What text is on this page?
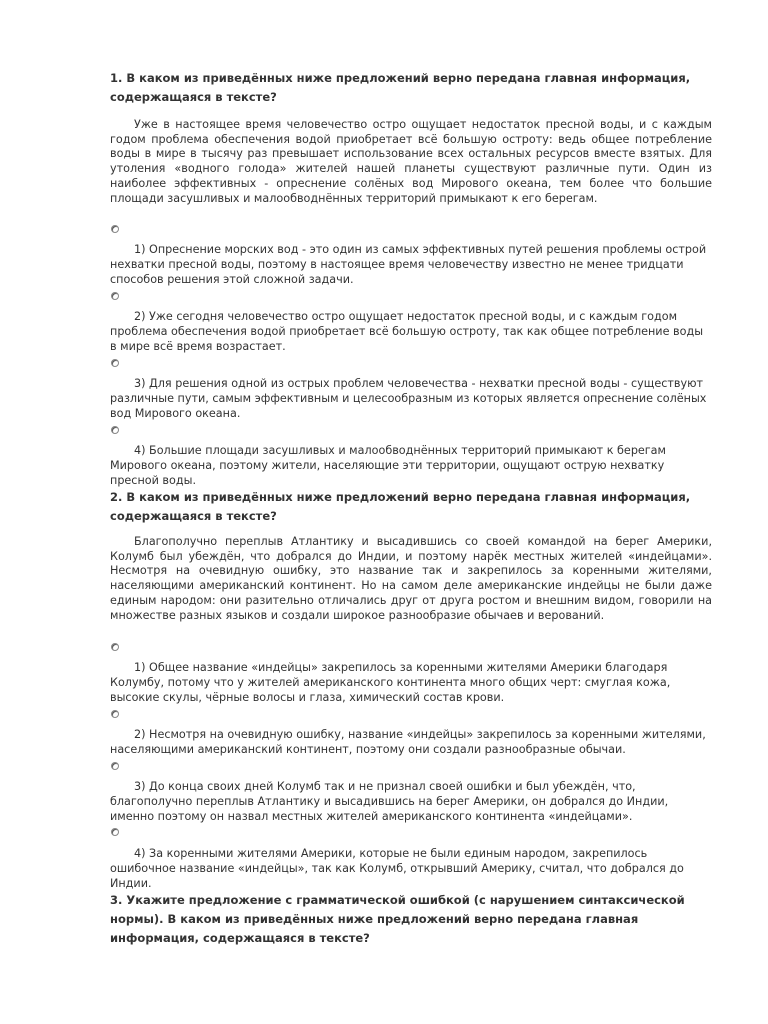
1. В каком из приведённых ниже предложений верно передана главная информация, содержащаяся в тексте?
Уже в настоящее время человечество остро ощущает недостаток пресной воды, и с каждым годом проблема обеспечения водой приобретает всё большую остроту: ведь общее потребление воды в мире в тысячу раз превышает использование всех остальных ресурсов вместе взятых. Для утоления «водного голода» жителей нашей планеты существуют различные пути. Один из наиболее эффективных - опреснение солёных вод Мирового океана, тем более что большие площади засушливых и малообводнённых территорий примыкают к его берегам.
1) Опреснение морских вод - это один из самых эффективных путей решения проблемы острой нехватки пресной воды, поэтому в настоящее время человечеству известно не менее тридцати способов решения этой сложной задачи.
2) Уже сегодня человечество остро ощущает недостаток пресной воды, и с каждым годом проблема обеспечения водой приобретает всё большую остроту, так как общее потребление воды в мире всё время возрастает.
3) Для решения одной из острых проблем человечества - нехватки пресной воды - существуют различные пути, самым эффективным и целесообразным из которых является опреснение солёных вод Мирового океана.
4) Большие площади засушливых и малообводнённых территорий примыкают к берегам Мирового океана, поэтому жители, населяющие эти территории, ощущают острую нехватку пресной воды.
2. В каком из приведённых ниже предложений верно передана главная информация, содержащаяся в тексте?
Благополучно переплыв Атлантику и высадившись со своей командой на берег Америки, Колумб был убеждён, что добрался до Индии, и поэтому нарёк местных жителей «индейцами». Несмотря на очевидную ошибку, это название так и закрепилось за коренными жителями, населяющими американский континент. Но на самом деле американские индейцы не были даже единым народом: они разительно отличались друг от друга ростом и внешним видом, говорили на множестве разных языков и создали широкое разнообразие обычаев и верований.
1) Общее название «индейцы» закрепилось за коренными жителями Америки благодаря Колумбу, потому что у жителей американского континента много общих черт: смуглая кожа, высокие скулы, чёрные волосы и глаза, химический состав крови.
2) Несмотря на очевидную ошибку, название «индейцы» закрепилось за коренными жителями, населяющими американский континент, поэтому они создали разнообразные обычаи.
3) До конца своих дней Колумб так и не признал своей ошибки и был убеждён, что, благополучно переплыв Атлантику и высадившись на берег Америки, он добрался до Индии, именно поэтому он назвал местных жителей американского континента «индейцами».
4) За коренными жителями Америки, которые не были единым народом, закрепилось ошибочное название «индейцы», так как Колумб, открывший Америку, считал, что добрался до Индии.
3. Укажите предложение с грамматической ошибкой (с нарушением синтаксической нормы). В каком из приведённых ниже предложений верно передана главная информация, содержащаяся в тексте?
